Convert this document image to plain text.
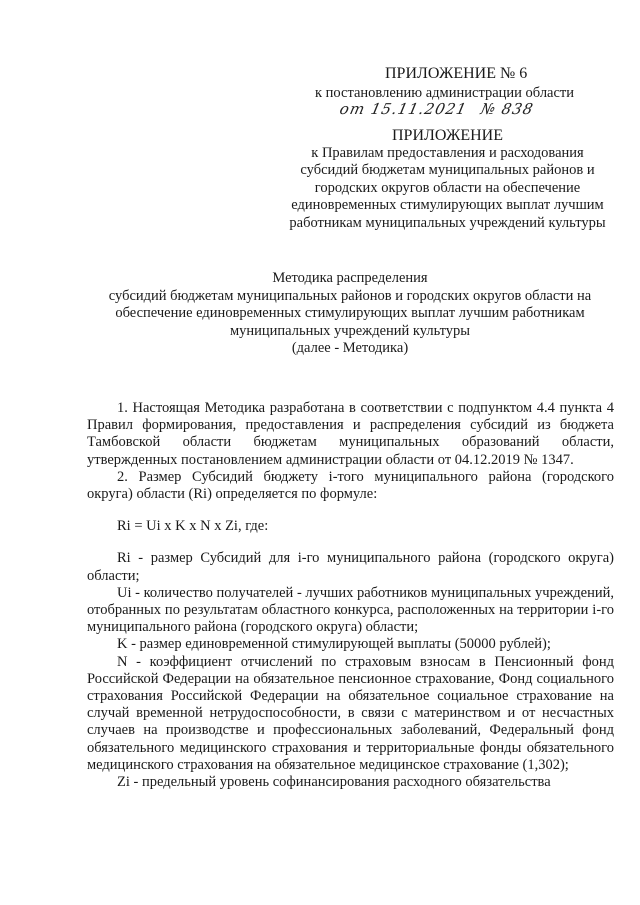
ПРИЛОЖЕНИЕ № 6
к постановлению администрации области
от 15.11.2021 № 838
ПРИЛОЖЕНИЕ
к Правилам предоставления и расходования субсидий бюджетам муниципальных районов и городских округов области на обеспечение единовременных стимулирующих выплат лучшим работникам муниципальных учреждений культуры
Методика распределения
субсидий бюджетам муниципальных районов и городских округов области на обеспечение единовременных стимулирующих выплат лучшим работникам муниципальных учреждений культуры
(далее - Методика)

1. Настоящая Методика разработана в соответствии с подпунктом 4.4 пункта 4 Правил формирования, предоставления и распределения субсидий из бюджета Тамбовской области бюджетам муниципальных образований области, утвержденных постановлением администрации области от 04.12.2019 № 1347.

2. Размер Субсидий бюджету i-того муниципального района (городского округа) области (Ri) определяется по формуле:

Ri = Ui x K x N x Zi, где:

Ri - размер Субсидий для i-го муниципального района (городского округа) области;

Ui - количество получателей - лучших работников муниципальных учреждений, отобранных по результатам областного конкурса, расположенных на территории i-го муниципального района (городского округа) области;

K - размер единовременной стимулирующей выплаты (50000 рублей);

N - коэффициент отчислений по страховым взносам в Пенсионный фонд Российской Федерации на обязательное пенсионное страхование, Фонд социального страхования Российской Федерации на обязательное социальное страхование на случай временной нетрудоспособности, в связи с материнством и от несчастных случаев на производстве и профессиональных заболеваний, Федеральный фонд обязательного медицинского страхования и территориальные фонды обязательного медицинского страхования на обязательное медицинское страхование (1,302);

Zi - предельный уровень софинансирования расходного обязательства
